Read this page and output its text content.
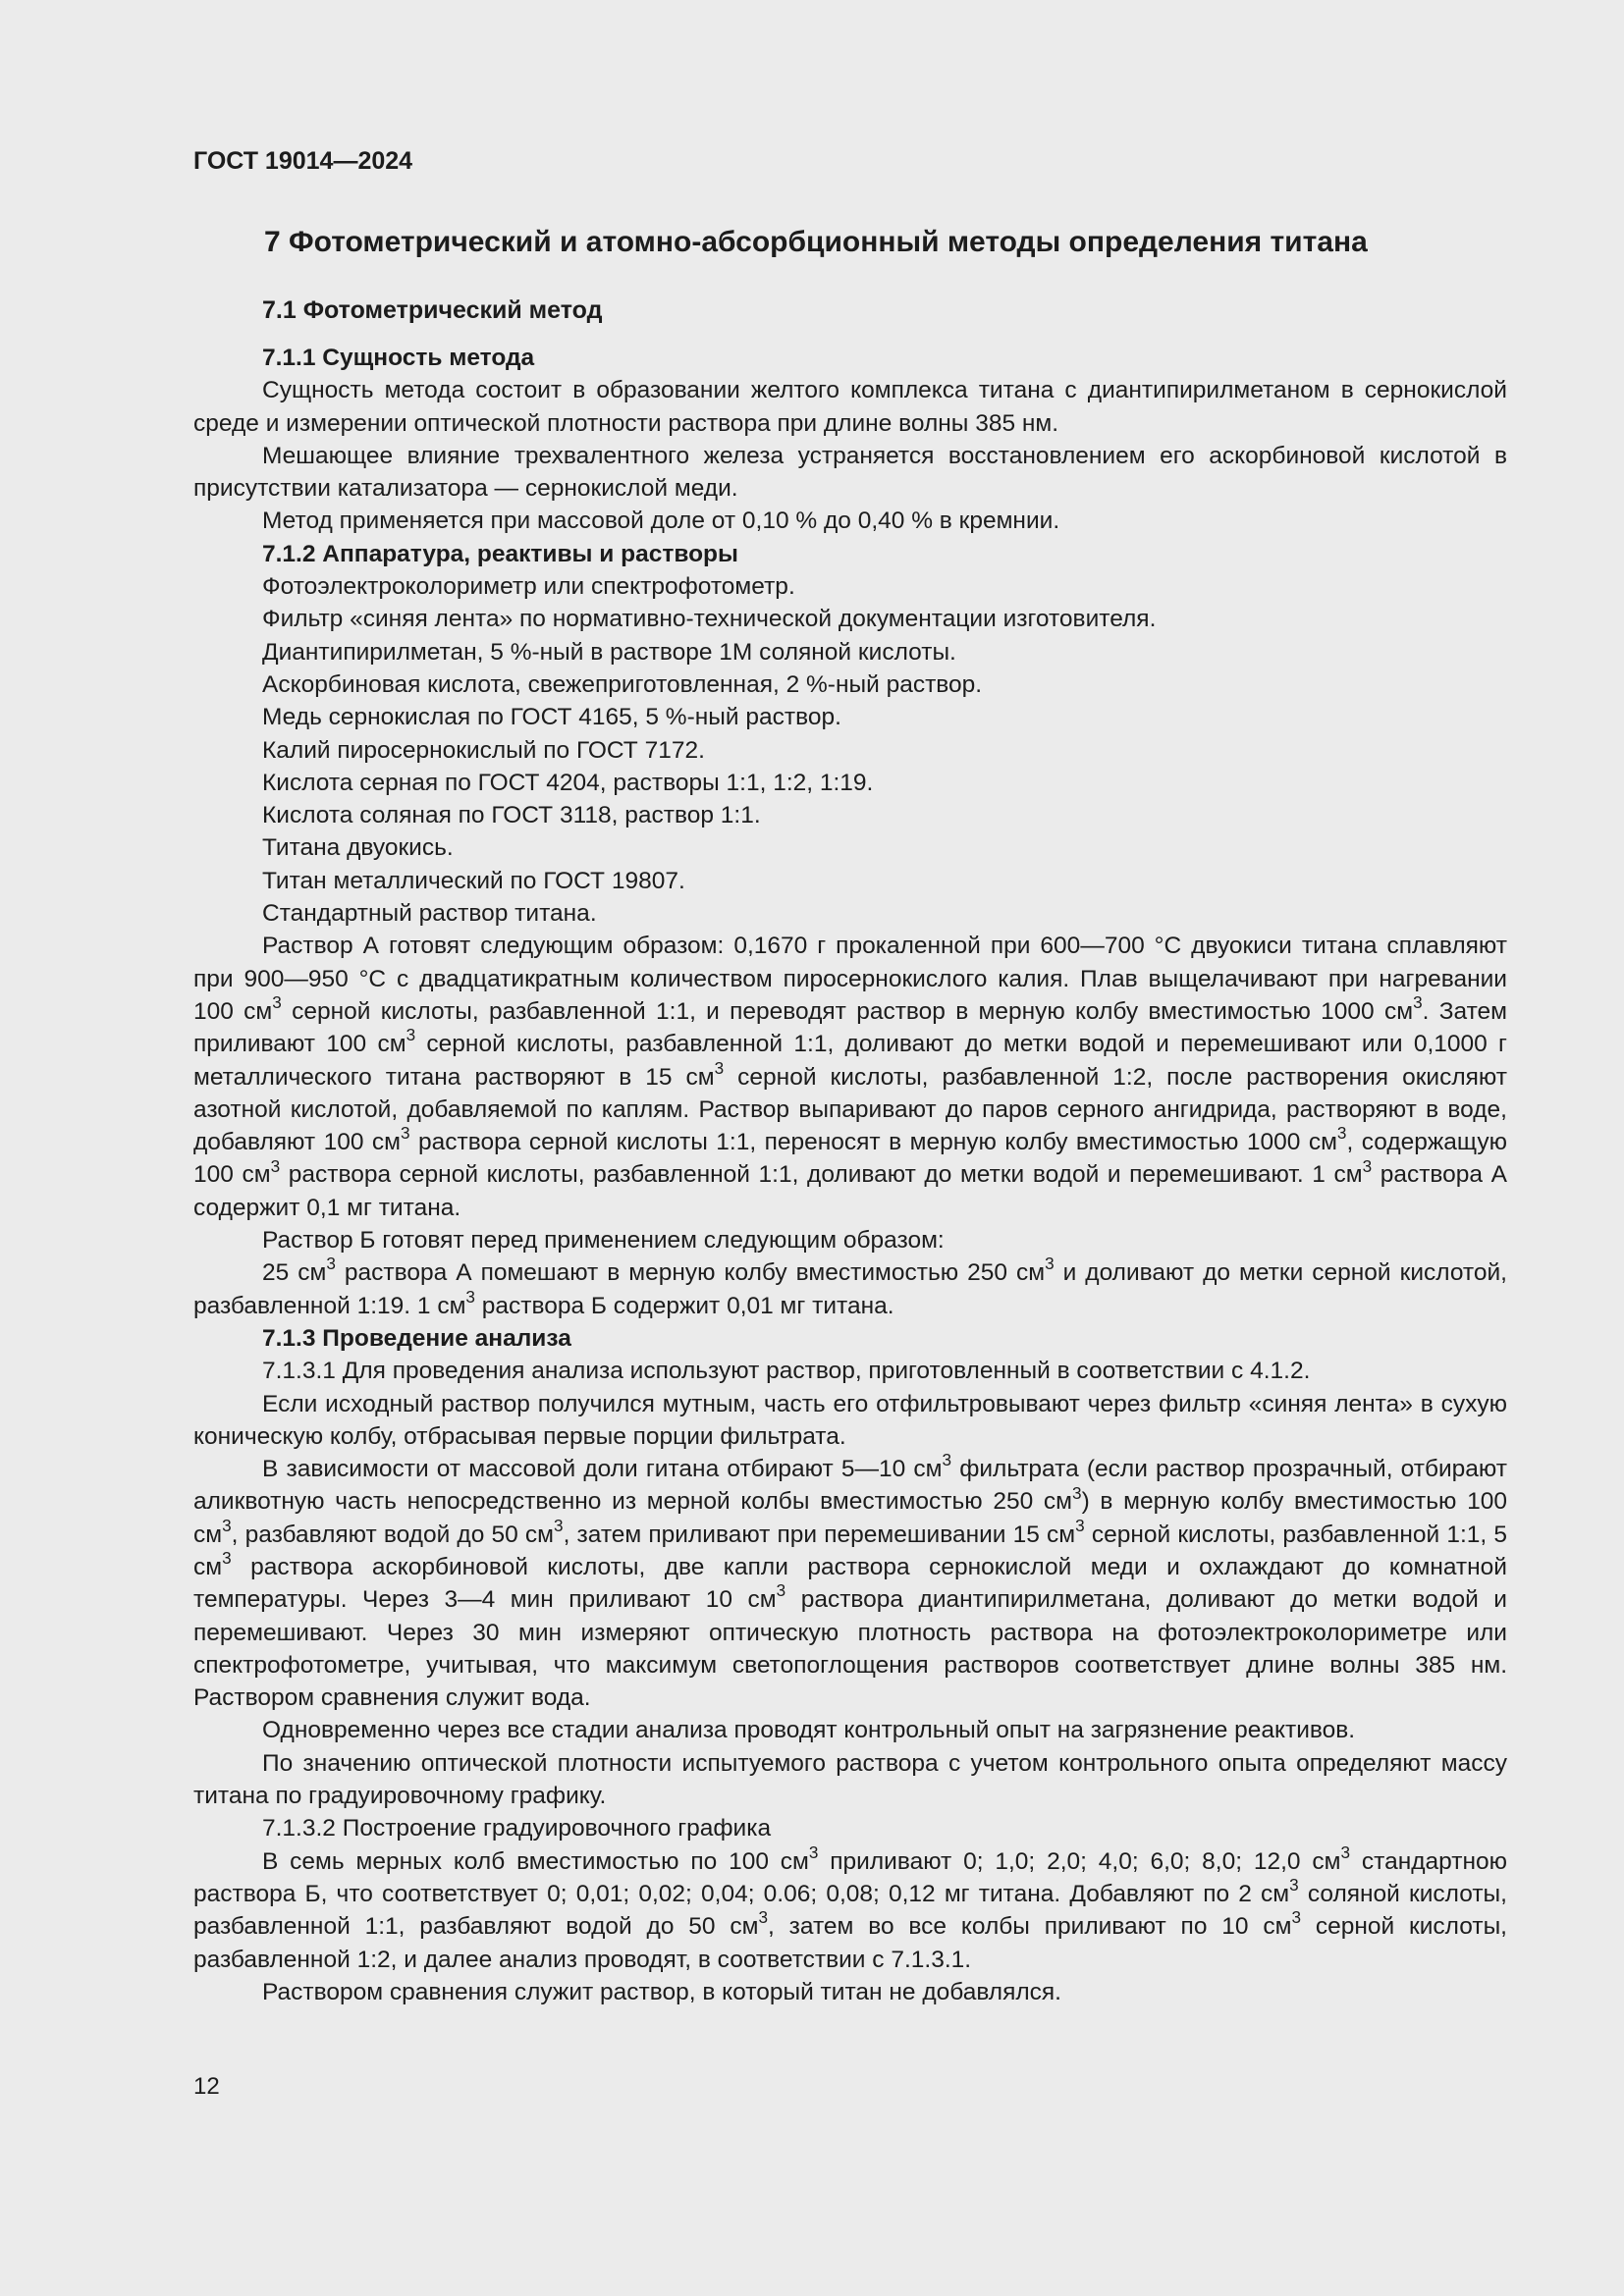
ГОСТ 19014—2024
7 Фотометрический и атомно-абсорбционный методы определения титана
7.1 Фотометрический метод

7.1.1 Сущность метода

Сущность метода состоит в образовании желтого комплекса титана с диантипирилметаном в сернокислой среде и измерении оптической плотности раствора при длине волны 385 нм.

Мешающее влияние трехвалентного железа устраняется восстановлением его аскорбиновой кислотой в присутствии катализатора — сернокислой меди.

Метод применяется при массовой доле от 0,10 % до 0,40 % в кремнии.

7.1.2 Аппаратура, реактивы и растворы

Фотоэлектроколориметр или спектрофотометр.

Фильтр «синяя лента» по нормативно-технической документации изготовителя.

Диантипирилметан, 5 %-ный в растворе 1М соляной кислоты.

Аскорбиновая кислота, свежеприготовленная, 2 %-ный раствор.

Медь сернокислая по ГОСТ 4165, 5 %-ный раствор.

Калий пиросернокислый по ГОСТ 7172.

Кислота серная по ГОСТ 4204, растворы 1:1, 1:2, 1:19.

Кислота соляная по ГОСТ 3118, раствор 1:1.

Титана двуокись.

Титан металлический по ГОСТ 19807.

Стандартный раствор титана.

Раствор А готовят следующим образом: 0,1670 г прокаленной при 600—700 °С двуокиси титана сплавляют при 900—950 °С с двадцатикратным количеством пиросернокислого калия. Плав выщелачивают при нагревании 100 $см^3$ серной кислоты, разбавленной 1:1, и переводят раствор в мерную колбу вместимостью 1000 $см^3$. Затем приливают 100 $см^3$ серной кислоты, разбавленной 1:1, доливают до метки водой и перемешивают или 0,1000 г металлического титана растворяют в 15 $см^3$ серной кислоты, разбавленной 1:2, после растворения окисляют азотной кислотой, добавляемой по каплям. Раствор выпаривают до паров серного ангидрида, растворяют в воде, добавляют 100 $см^3$ раствора серной кислоты 1:1, переносят в мерную колбу вместимостью 1000 $см^3$, содержащую 100 $см^3$ раствора серной кислоты, разбавленной 1:1, доливают до метки водой и перемешивают. 1 $см^3$ раствора А содержит 0,1 мг титана.

Раствор Б готовят перед применением следующим образом:

25 $см^3$ раствора А помешают в мерную колбу вместимостью 250 $см^3$ и доливают до метки серной кислотой, разбавленной 1:19. 1 $см^3$ раствора Б содержит 0,01 мг титана.

7.1.3 Проведение анализа

7.1.3.1 Для проведения анализа используют раствор, приготовленный в соответствии с 4.1.2.

Если исходный раствор получился мутным, часть его отфильтровывают через фильтр «синяя лента» в сухую коническую колбу, отбрасывая первые порции фильтрата.

В зависимости от массовой доли гитана отбирают 5—10 $см^3$ фильтрата (если раствор прозрачный, отбирают аликвотную часть непосредственно из мерной колбы вместимостью 250 $см^3$) в мерную колбу вместимостью 100 $см^3$, разбавляют водой до 50 $см^3$, затем приливают при перемешивании 15 $см^3$ серной кислоты, разбавленной 1:1, 5 $см^3$ раствора аскорбиновой кислоты, две капли раствора сернокислой меди и охлаждают до комнатной температуры. Через 3—4 мин приливают 10 $см^3$ раствора диантипирилметана, доливают до метки водой и перемешивают. Через 30 мин измеряют оптическую плотность раствора на фотоэлектроколориметре или спектрофотометре, учитывая, что максимум светопоглощения растворов соответствует длине волны 385 нм. Раствором сравнения служит вода.

Одновременно через все стадии анализа проводят контрольный опыт на загрязнение реактивов.

По значению оптической плотности испытуемого раствора с учетом контрольного опыта определяют массу титана по градуировочному графику.

7.1.3.2 Построение градуировочного графика

В семь мерных колб вместимостью по 100 $см^3$ приливают 0; 1,0; 2,0; 4,0; 6,0; 8,0; 12,0 $см^3$ стандартною раствора Б, что соответствует 0; 0,01; 0,02; 0,04; 0.06; 0,08; 0,12 мг титана. Добавляют по 2 $см^3$ соляной кислоты, разбавленной 1:1, разбавляют водой до 50 $см^3$, затем во все колбы приливают по 10 $см^3$ серной кислоты, разбавленной 1:2, и далее анализ проводят, в соответствии с 7.1.3.1.

Раствором сравнения служит раствор, в который титан не добавлялся.

12
